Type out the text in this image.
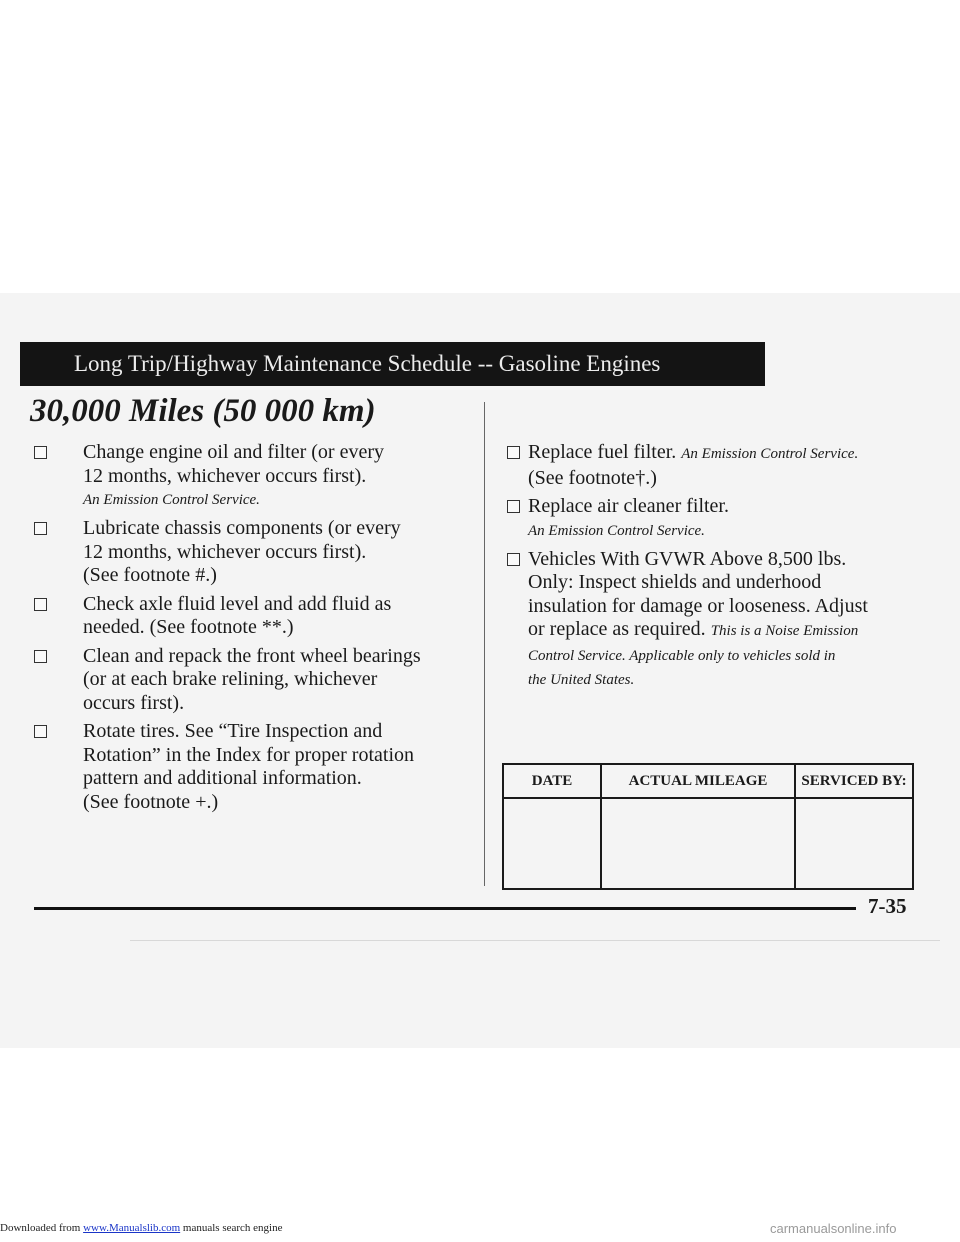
Long Trip/Highway Maintenance Schedule -- Gasoline Engines
30,000 Miles (50 000 km)
Change engine oil and filter (or every
12 months, whichever occurs first).
An Emission Control Service.
Lubricate chassis components (or every
12 months, whichever occurs first).
(See footnote #.)
Check axle fluid level and add fluid as
needed. (See footnote **.)
Clean and repack the front wheel bearings
(or at each brake relining, whichever
occurs first).
Rotate tires. See “Tire Inspection and
Rotation” in the Index for proper rotation
pattern and additional information.
(See footnote +.)
Replace fuel filter. An Emission Control Service.
(See footnote†.)
Replace air cleaner filter.
An Emission Control Service.
Vehicles With GVWR Above 8,500 lbs.
Only: Inspect shields and underhood
insulation for damage or looseness. Adjust
or replace as required. This is a Noise Emission
Control Service. Applicable only to vehicles sold in
the United States.
DATE	ACTUAL MILEAGE	SERVICED BY:

7-35
Downloaded from www.Manualslib.com manuals search engine	carmanualsonline.info
